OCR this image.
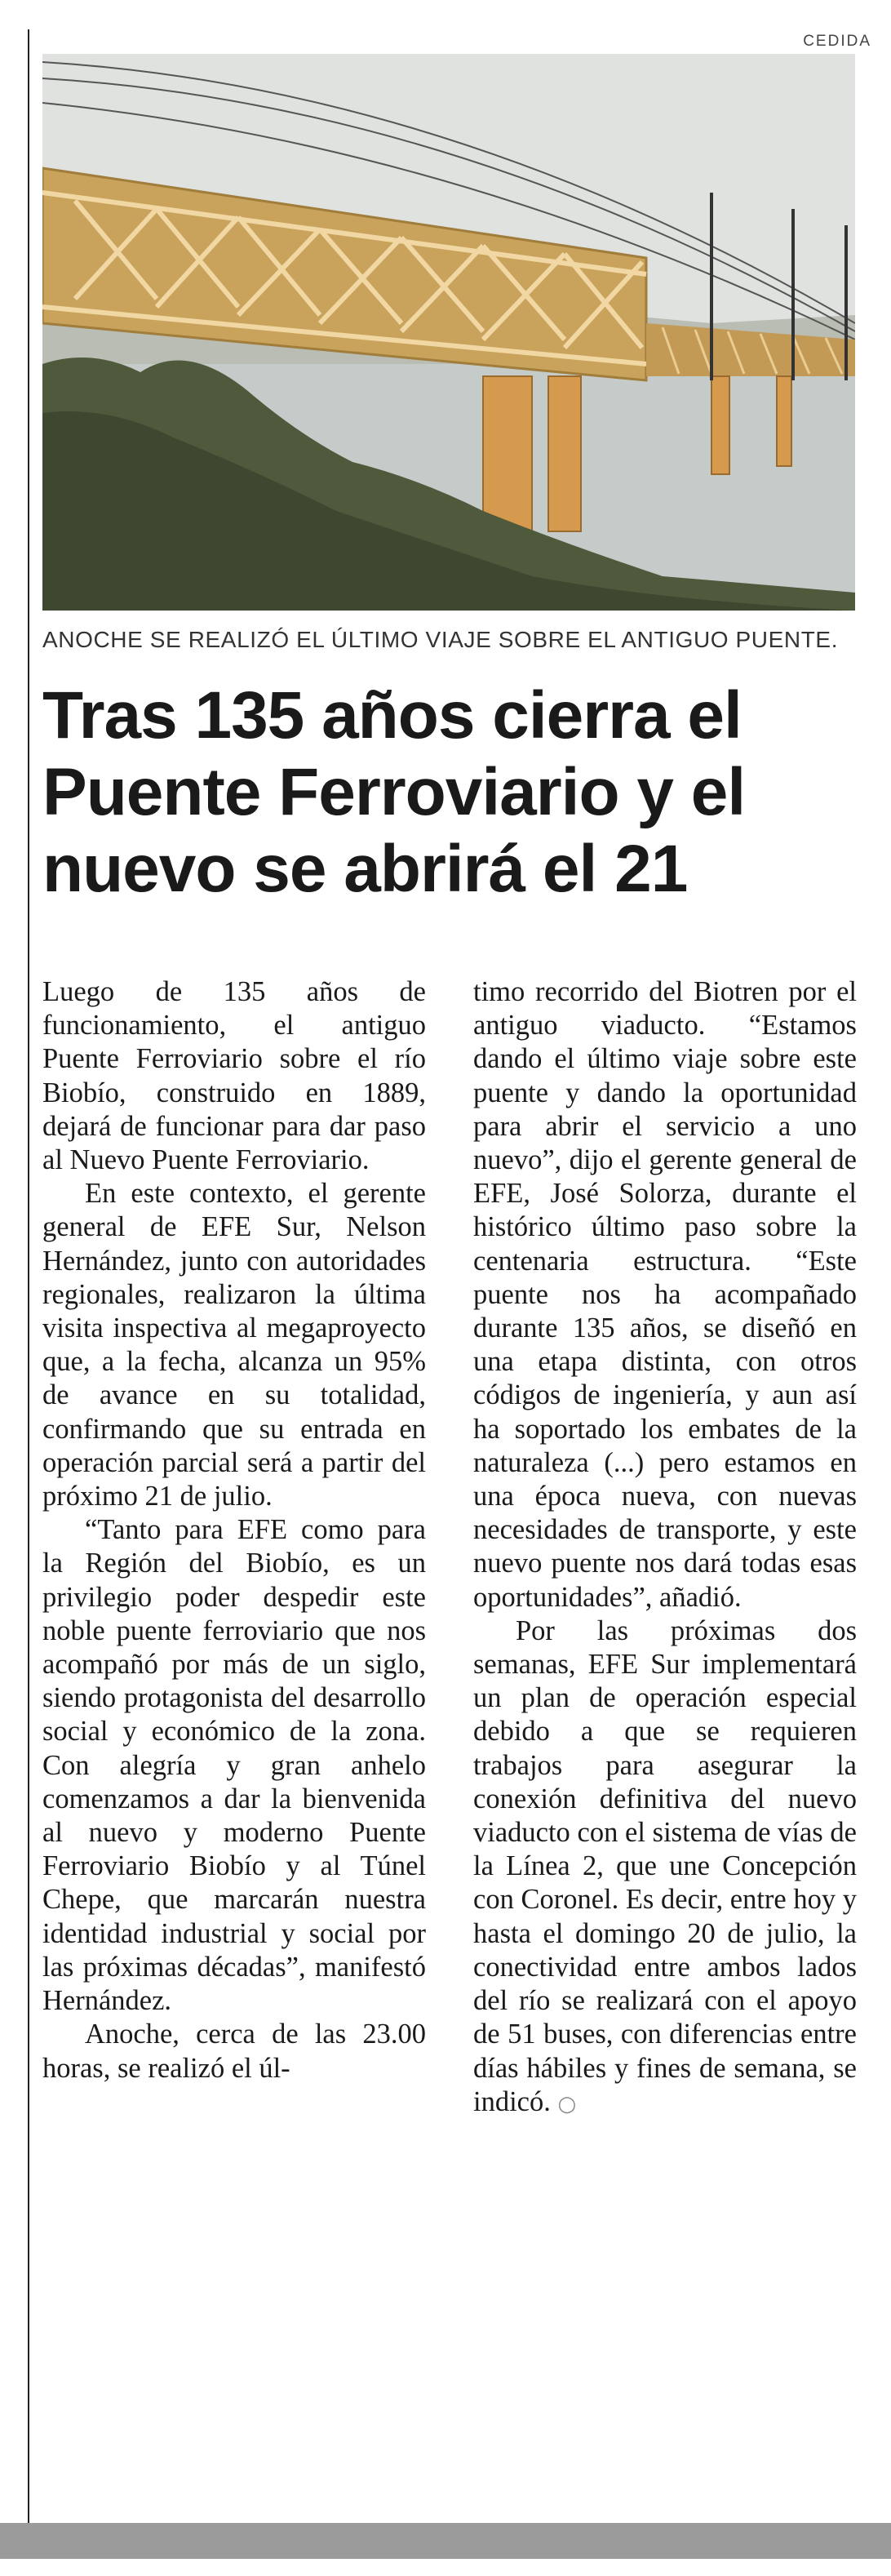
CEDIDA
ANOCHE SE REALIZÓ EL ÚLTIMO VIAJE SOBRE EL ANTIGUO PUENTE.
Tras 135 años cierra el Puente Ferroviario y el nuevo se abrirá el 21

Luego de 135 años de funcionamiento, el antiguo Puente Ferroviario sobre el río Biobío, construido en 1889, dejará de funcionar para dar paso al Nuevo Puente Ferroviario.

En este contexto, el gerente general de EFE Sur, Nelson Hernández, junto con autoridades regionales, realizaron la última visita inspectiva al megaproyecto que, a la fecha, alcanza un 95% de avance en su totalidad, confirmando que su entrada en operación parcial será a partir del próximo 21 de julio.

“Tanto para EFE como para la Región del Biobío, es un privilegio poder despedir este noble puente ferroviario que nos acompañó por más de un siglo, siendo protagonista del desarrollo social y económico de la zona. Con alegría y gran anhelo comenzamos a dar la bienvenida al nuevo y moderno Puente Ferroviario Biobío y al Túnel Chepe, que marcarán nuestra identidad industrial y social por las próximas décadas”, manifestó Hernández.

Anoche, cerca de las 23.00 horas, se realizó el úl-

timo recorrido del Biotren por el antiguo viaducto. “Estamos dando el último viaje sobre este puente y dando la oportunidad para abrir el servicio a uno nuevo”, dijo el gerente general de EFE, José Solorza, durante el histórico último paso sobre la centenaria estructura. “Este puente nos ha acompañado durante 135 años, se diseñó en una etapa distinta, con otros códigos de ingeniería, y aun así ha soportado los embates de la naturaleza (...) pero estamos en una época nueva, con nuevas necesidades de transporte, y este nuevo puente nos dará todas esas oportunidades”, añadió.

Por las próximas dos semanas, EFE Sur implementará un plan de operación especial debido a que se requieren trabajos para asegurar la conexión definitiva del nuevo viaducto con el sistema de vías de la Línea 2, que une Concepción con Coronel. Es decir, entre hoy y hasta el domingo 20 de julio, la conectividad entre ambos lados del río se realizará con el apoyo de 51 buses, con diferencias entre días hábiles y fines de semana, se indicó. ○
